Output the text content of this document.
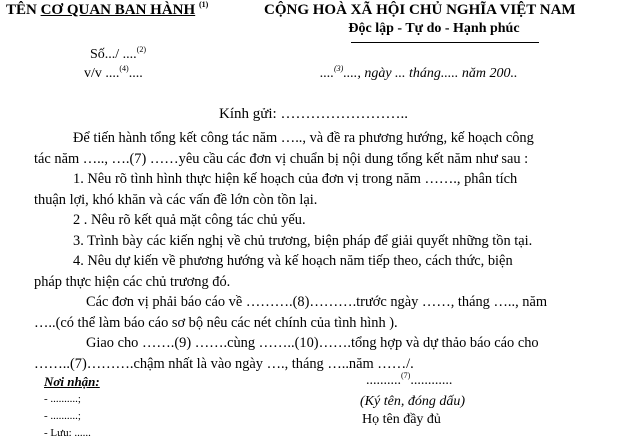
TÊN CƠ QUAN BAN HÀNH $^{(1)}$	CỘNG HOÀ XÃ HỘI CHỦ NGHĨA VIỆT NAM
Độc lập - Tự do - Hạnh phúc
Số.../ ....$^{(2)}$
v/v ....$^{(4)}$....	....$^{(3)}$...., ngày ... tháng..... năm 200..
Kính gửi: ……………………..
Để tiến hành tổng kết công tác năm ….., và đề ra phương hướng, kế hoạch công
tác năm ….., ….(7) ……yêu cầu các đơn vị chuẩn bị nội dung tổng kết năm như sau :
1. Nêu rõ tình hình thực hiện kế hoạch của đơn vị trong năm ……., phân tích
thuận lợi, khó khăn và các vấn đề lớn còn tồn lại.
2 . Nêu rõ kết quả mặt công tác chủ yếu.
3. Trình bày các kiến nghị về chủ trương, biện pháp để giải quyết những tồn tại.
4. Nêu dự kiến về phương hướng và kế hoạch năm tiếp theo, cách thức, biện
pháp thực hiện các chủ trương đó.
Các đơn vị phải báo cáo về ……….(8)……….trước ngày ……, tháng ….., năm
…..(có thể làm báo cáo sơ bộ nêu các nét chính của tình hình ).
Giao cho …….(9) …….cùng ……..(10)…….tổng hợp và dự thảo báo cáo cho
……..(7)……….chậm nhất là vào ngày …., tháng …..năm ……/.
Nơi nhận:
- ..........;
- ..........;
- Lưu: ......
..........$^{(7)}$............
(Ký tên, đóng dấu)
Họ tên đầy đủ
